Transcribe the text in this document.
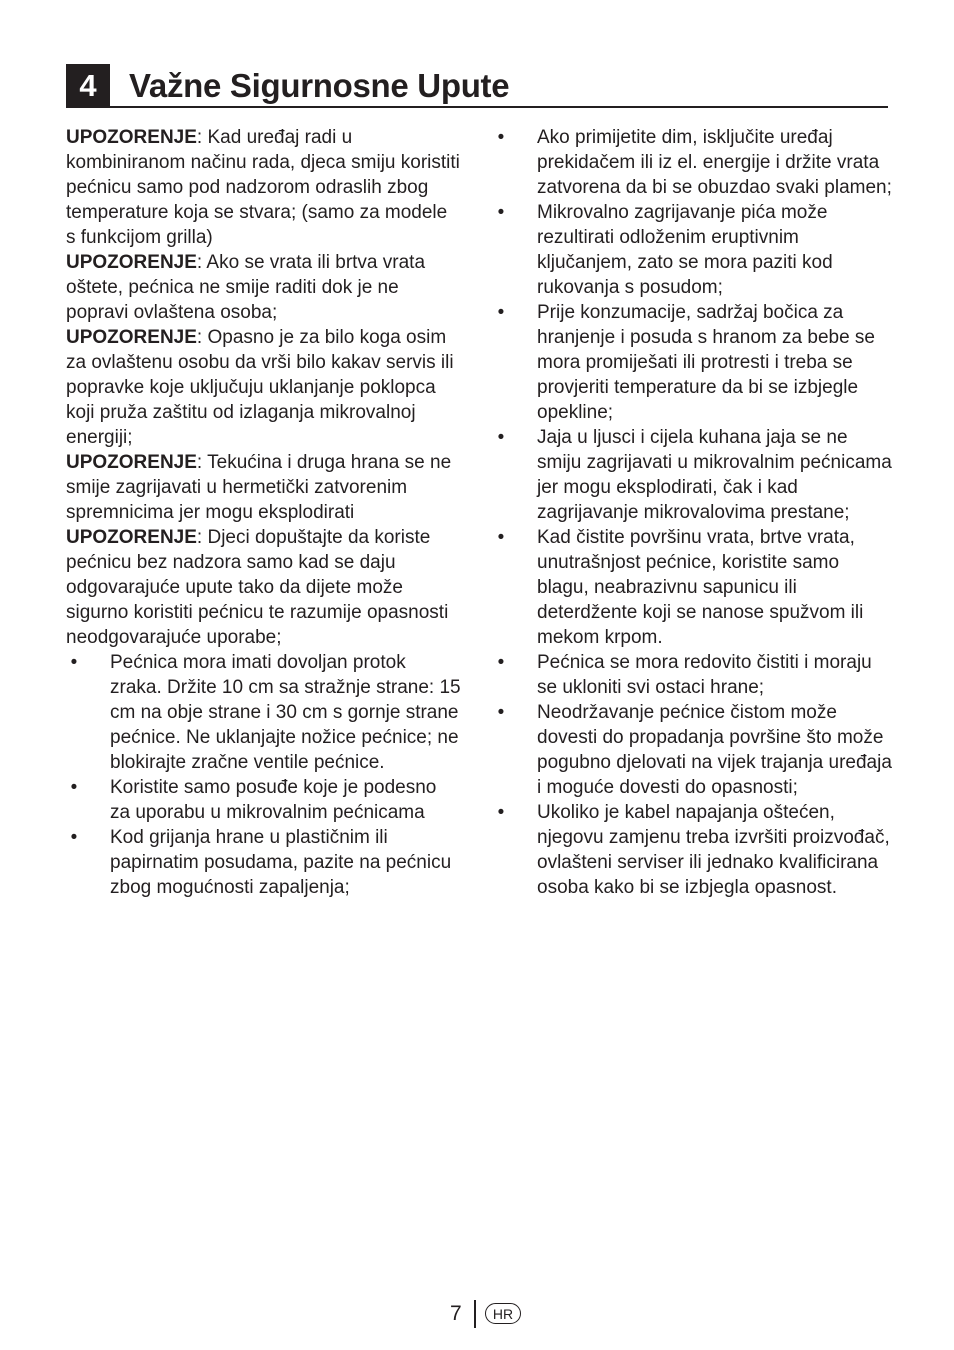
4 Važne Sigurnosne Upute

UPOZORENJE: Kad uređaj radi u kombiniranom načinu rada, djeca smiju koristiti pećnicu samo pod nadzorom odraslih zbog temperature koja se stvara; (samo za modele s funkcijom grilla)

UPOZORENJE: Ako se vrata ili brtva vrata oštete, pećnica ne smije raditi dok je ne popravi ovlaštena osoba;

UPOZORENJE: Opasno je za bilo koga osim za ovlaštenu osobu da vrši bilo kakav servis ili popravke koje uključuju uklanjanje poklopca koji pruža zaštitu od izlaganja mikrovalnoj energiji;

UPOZORENJE: Tekućina i druga hrana se ne smije zagrijavati u hermetički zatvorenim spremnicima jer mogu eksplodirati

UPOZORENJE: Djeci dopuštajte da koriste pećnicu bez nadzora samo kad se daju odgovarajuće upute tako da dijete može sigurno koristiti pećnicu te razumije opasnosti neodgovarajuće uporabe;

• Pećnica mora imati dovoljan protok zraka. Držite 10 cm sa stražnje strane: 15 cm na obje strane i 30 cm s gornje strane pećnice. Ne uklanjajte nožice pećnice; ne blokirajte zračne ventile pećnice.
• Koristite samo posuđe koje je podesno za uporabu u mikrovalnim pećnicama
• Kod grijanja hrane u plastičnim ili papirnatim posudama, pazite na pećnicu zbog mogućnosti zapaljenja;
• Ako primijetite dim, isključite uređaj prekidačem ili iz el. energije i držite vrata zatvorena da bi se obuzdao svaki plamen;
• Mikrovalno zagrijavanje pića može rezultirati odloženim eruptivnim ključanjem, zato se mora paziti kod rukovanja s posudom;
• Prije konzumacije, sadržaj bočica za hranjenje i posuda s hranom za bebe se mora promiješati ili protresti i treba se provjeriti temperature da bi se izbjegle opekline;
• Jaja u ljusci i cijela kuhana jaja se ne smiju zagrijavati u mikrovalnim pećnicama jer mogu eksplodirati, čak i kad zagrijavanje mikrovalovima prestane;
• Kad čistite površinu vrata, brtve vrata, unutrašnjost pećnice, koristite samo blagu, neabrazivnu sapunicu ili deterdžente koji se nanose spužvom ili mekom krpom.
• Pećnica se mora redovito čistiti i moraju se ukloniti svi ostaci hrane;
• Neodržavanje pećnice čistom može dovesti do propadanja površine što može pogubno djelovati na vijek trajanja uređaja i moguće dovesti do opasnosti;
• Ukoliko je kabel napajanja oštećen, njegovu zamjenu treba izvršiti proizvođač, ovlašteni serviser ili jednako kvalificirana osoba kako bi se izbjegla opasnost.
7	HR
